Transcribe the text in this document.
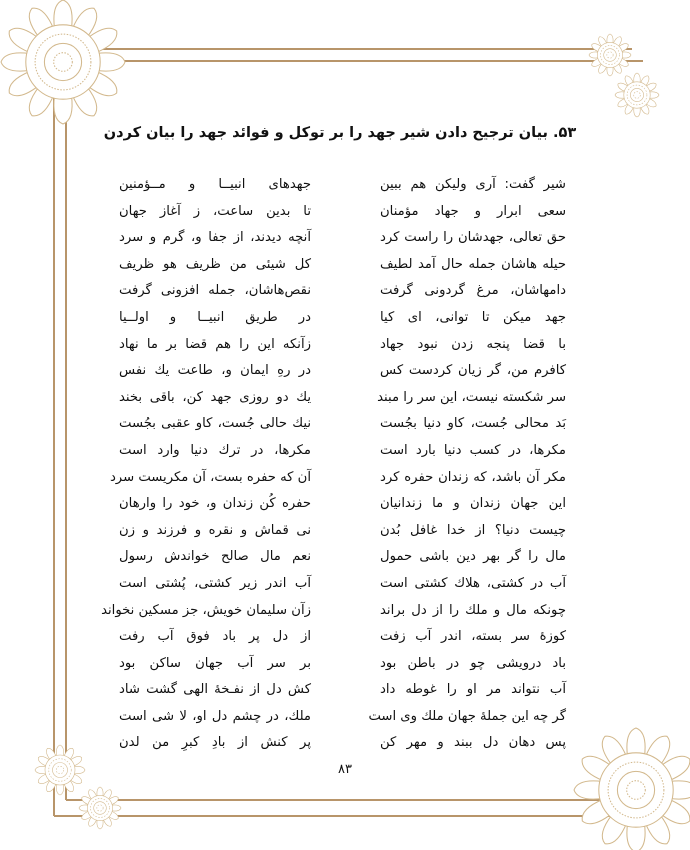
۵۳. بیان ترجیح دادن شیر جهد را بر توکل و فوائد جهد را بیان کردن
شیر گفت: آری ولیکن هم ببین
سعی ابرار و جهاد مؤمنان
حق تعالی، جهدشان را راست کرد
حیله هاشان جمله حال آمد لطیف
دامهاشان، مرغ گردونی گرفت
جهد میکن تا توانی، ای کیا
با قضا پنجه زدن نبود جهاد
کافرم من، گر زیان کردست کس
سر شکسته نیست، این سر را مبند
بَد محالی جُست، کاو دنیا بجُست
مکرها، در کسب دنیا بارد است
مکر آن باشد، که زندان حفره کرد
این جهان زندان و ما زندانیان
چیست دنیا؟ از خدا غافل بُدن
مال را گر بهر دین باشی حمول
آب در کشتی، هلاك کشتی است
چونکه مال و ملك را از دل براند
کوزهٔ سر بسته، اندر آب زفت
باد درویشی چو در باطن بود
آب نتواند مر او را غوطه داد
گر چه این جملهٔ جهان ملك وی است
پس دهان دل ببند و مهر کن
جهدهای انبیــا و مــؤمنین
تا بدین ساعت، ز آغاز جهان
آنچه دیدند، از جفا و، گرم و سرد
کل شیئی من ظریف هو ظریف
نقص‌هاشان، جمله افزونی گرفت
در طریق انبیــا و اولــیا
زآنکه این را هم قضا بر ما نهاد
در رهِ ایمان و، طاعت یك نفس
یك دو روزی جهد کن، باقی بخند
نیك حالی جُست، کاو عقبی بجُست
مکرها، در ترك دنیا وارد است
آن که حفره بست، آن مکریست سرد
حفره کُن زندان و، خود را وارهان
نی قماش و نقره و فرزند و زن
نعم مال صالح خواندش رسول
آب اندر زیر کشتی، پُشتی است
زآن سلیمان خویش، جز مسکین نخواند
از دل پر باد فوق آب رفت
بر سر آب جهان ساکن بود
کش دل از نفـخهٔ الهی گشت شاد
ملك، در چشم دل او، لا شی است
پر کنش از بادِ کبرِ من لدن
۸۳
